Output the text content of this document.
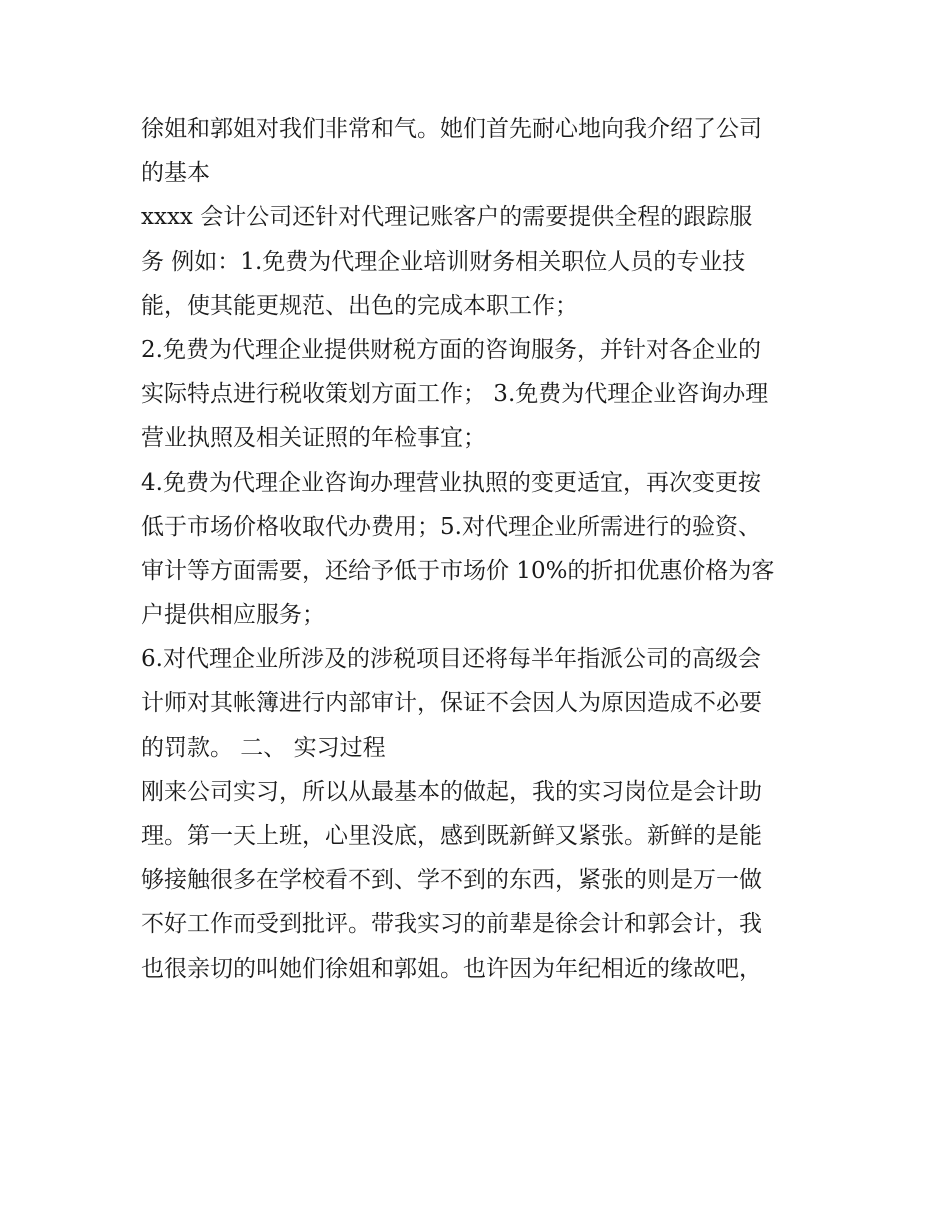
徐姐和郭姐对我们非常和气。她们首先耐心地向我介绍了公司
的基本
xxxx 会计公司还针对代理记账客户的需要提供全程的跟踪服
务 例如：1.免费为代理企业培训财务相关职位人员的专业技
能，使其能更规范、出色的完成本职工作；
2.免费为代理企业提供财税方面的咨询服务，并针对各企业的
实际特点进行税收策划方面工作； 3.免费为代理企业咨询办理
营业执照及相关证照的年检事宜；
4.免费为代理企业咨询办理营业执照的变更适宜，再次变更按
低于市场价格收取代办费用；5.对代理企业所需进行的验资、
审计等方面需要，还给予低于市场价 10%的折扣优惠价格为客
户提供相应服务；
6.对代理企业所涉及的涉税项目还将每半年指派公司的高级会
计师对其帐簿进行内部审计，保证不会因人为原因造成不必要
的罚款。 二、 实习过程
刚来公司实习，所以从最基本的做起，我的实习岗位是会计助
理。第一天上班，心里没底，感到既新鲜又紧张。新鲜的是能
够接触很多在学校看不到、学不到的东西，紧张的则是万一做
不好工作而受到批评。带我实习的前辈是徐会计和郭会计，我
也很亲切的叫她们徐姐和郭姐。也许因为年纪相近的缘故吧，
